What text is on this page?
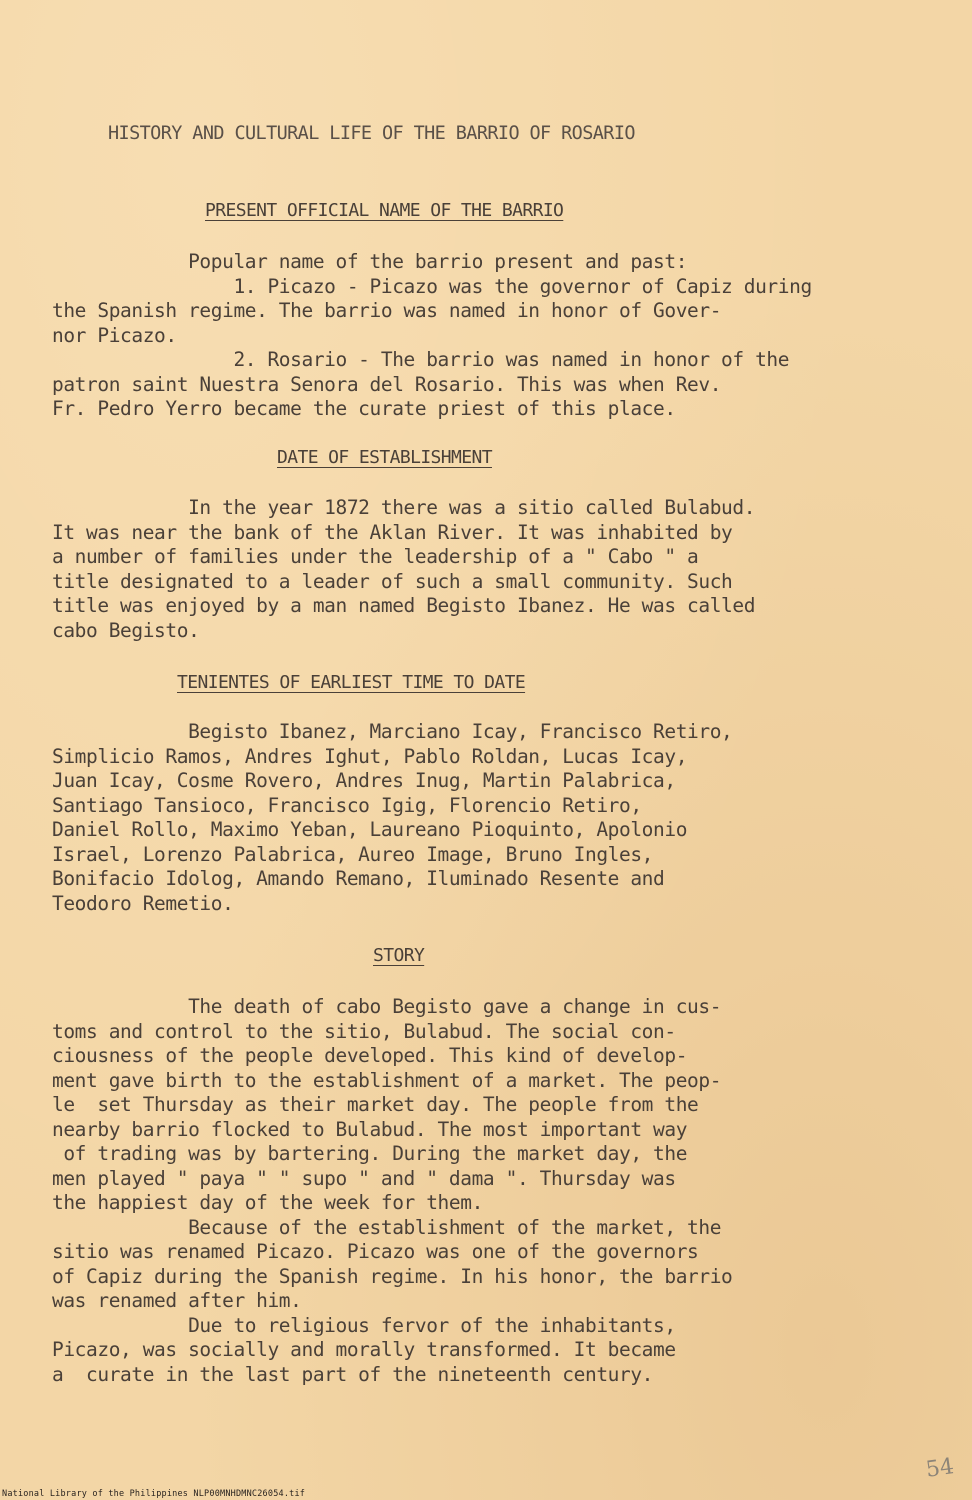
HISTORY AND CULTURAL LIFE OF THE BARRIO OF ROSARIO
PRESENT OFFICIAL NAME OF THE BARRIO
Popular name of the barrio present and past:
1. Picazo - Picazo was the governor of Capiz during
the Spanish regime. The barrio was named in honor of Gover-
nor Picazo.
2. Rosario - The barrio was named in honor of the
patron saint Nuestra Senora del Rosario. This was when Rev.
Fr. Pedro Yerro became the curate priest of this place.
DATE OF ESTABLISHMENT
In the year 1872 there was a sitio called Bulabud.
It was near the bank of the Aklan River. It was inhabited by
a number of families under the leadership of a " Cabo " a
title designated to a leader of such a small community. Such
title was enjoyed by a man named Begisto Ibanez. He was called
cabo Begisto.
TENIENTES OF EARLIEST TIME TO DATE
Begisto Ibanez, Marciano Icay, Francisco Retiro,
Simplicio Ramos, Andres Ighut, Pablo Roldan, Lucas Icay,
Juan Icay, Cosme Rovero, Andres Inug, Martin Palabrica,
Santiago Tansioco, Francisco Igig, Florencio Retiro,
Daniel Rollo, Maximo Yeban, Laureano Pioquinto, Apolonio
Israel, Lorenzo Palabrica, Aureo Image, Bruno Ingles,
Bonifacio Idolog, Amando Remano, Iluminado Resente and
Teodoro Remetio.
STORY
The death of cabo Begisto gave a change in cus-
toms and control to the sitio, Bulabud. The social con-
ciousness of the people developed. This kind of develop-
ment gave birth to the establishment of a market. The peop-
le  set Thursday as their market day. The people from the
nearby barrio flocked to Bulabud. The most important way
of trading was by bartering. During the market day, the
men played " paya " " supo " and " dama ". Thursday was
the happiest day of the week for them.
Because of the establishment of the market, the
sitio was renamed Picazo. Picazo was one of the governors
of Capiz during the Spanish regime. In his honor, the barrio
was renamed after him.
Due to religious fervor of the inhabitants,
Picazo, was socially and morally transformed. It became
a  curate in the last part of the nineteenth century.
54
National Library of the Philippines NLP00MNHDMNC26054.tif
